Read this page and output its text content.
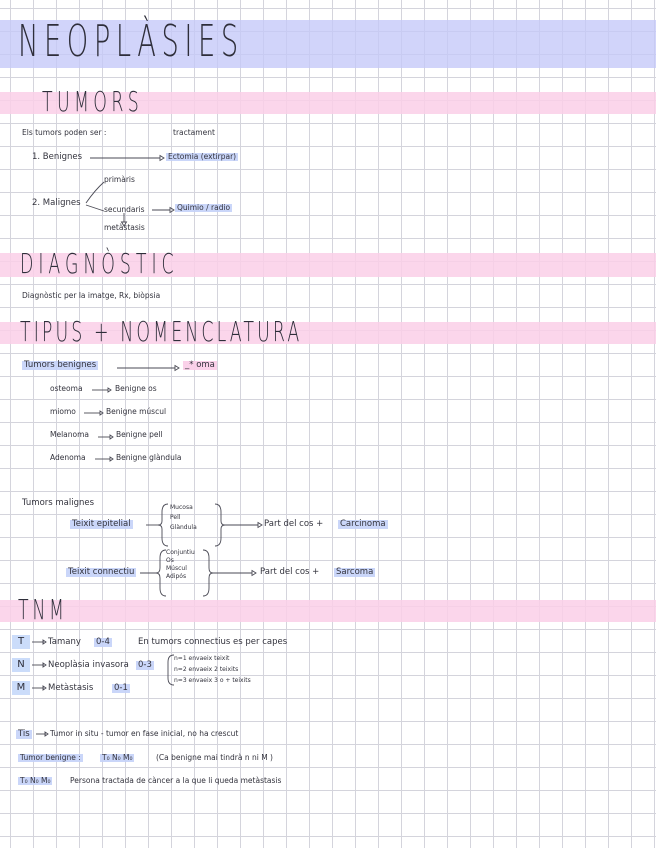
NEOPLÀSIES
TUMORS
DIAGNÒSTIC
TIPUS + NOMENCLATURA
TNM
Els tumors poden ser :	tractament
1. Benignes	Ectomia (extirpar)
2. Malignes
primàris
secundaris	Quimio / radio
metàstasis
Diagnòstic per la imatge, Rx, biòpsia
Tumors benignes	_* oma
osteoma	Benigne os
miomo	Benigne múscul
Melanoma	Benigne pell
Adenoma	Benigne glàndula
Tumors malignes
Teixit epitelial
Mucosa
Pell
Glàndula	Part del cos + Carcinoma
Teixit connectiu
Conjuntiu
Os
Múscul
Adipós	Part del cos + Sarcoma
T	Tamany 0-4	En tumors connectius es per capes
N	Neoplàsia invasora 0-3
n=1 envaeix teixit
n=2 envaeix 2 teixits
n=3 envaeix 3 o + teixits
M	Metàstasis 0-1
Tis	Tumor in situ - tumor en fase inicial, no ha crescut
Tumor benigne :	T₀ N₀ M₀	(Ca benigne mai tindrà n ni M )
T₀ N₀ M₀	Persona tractada de càncer a la que li queda metàstasis
